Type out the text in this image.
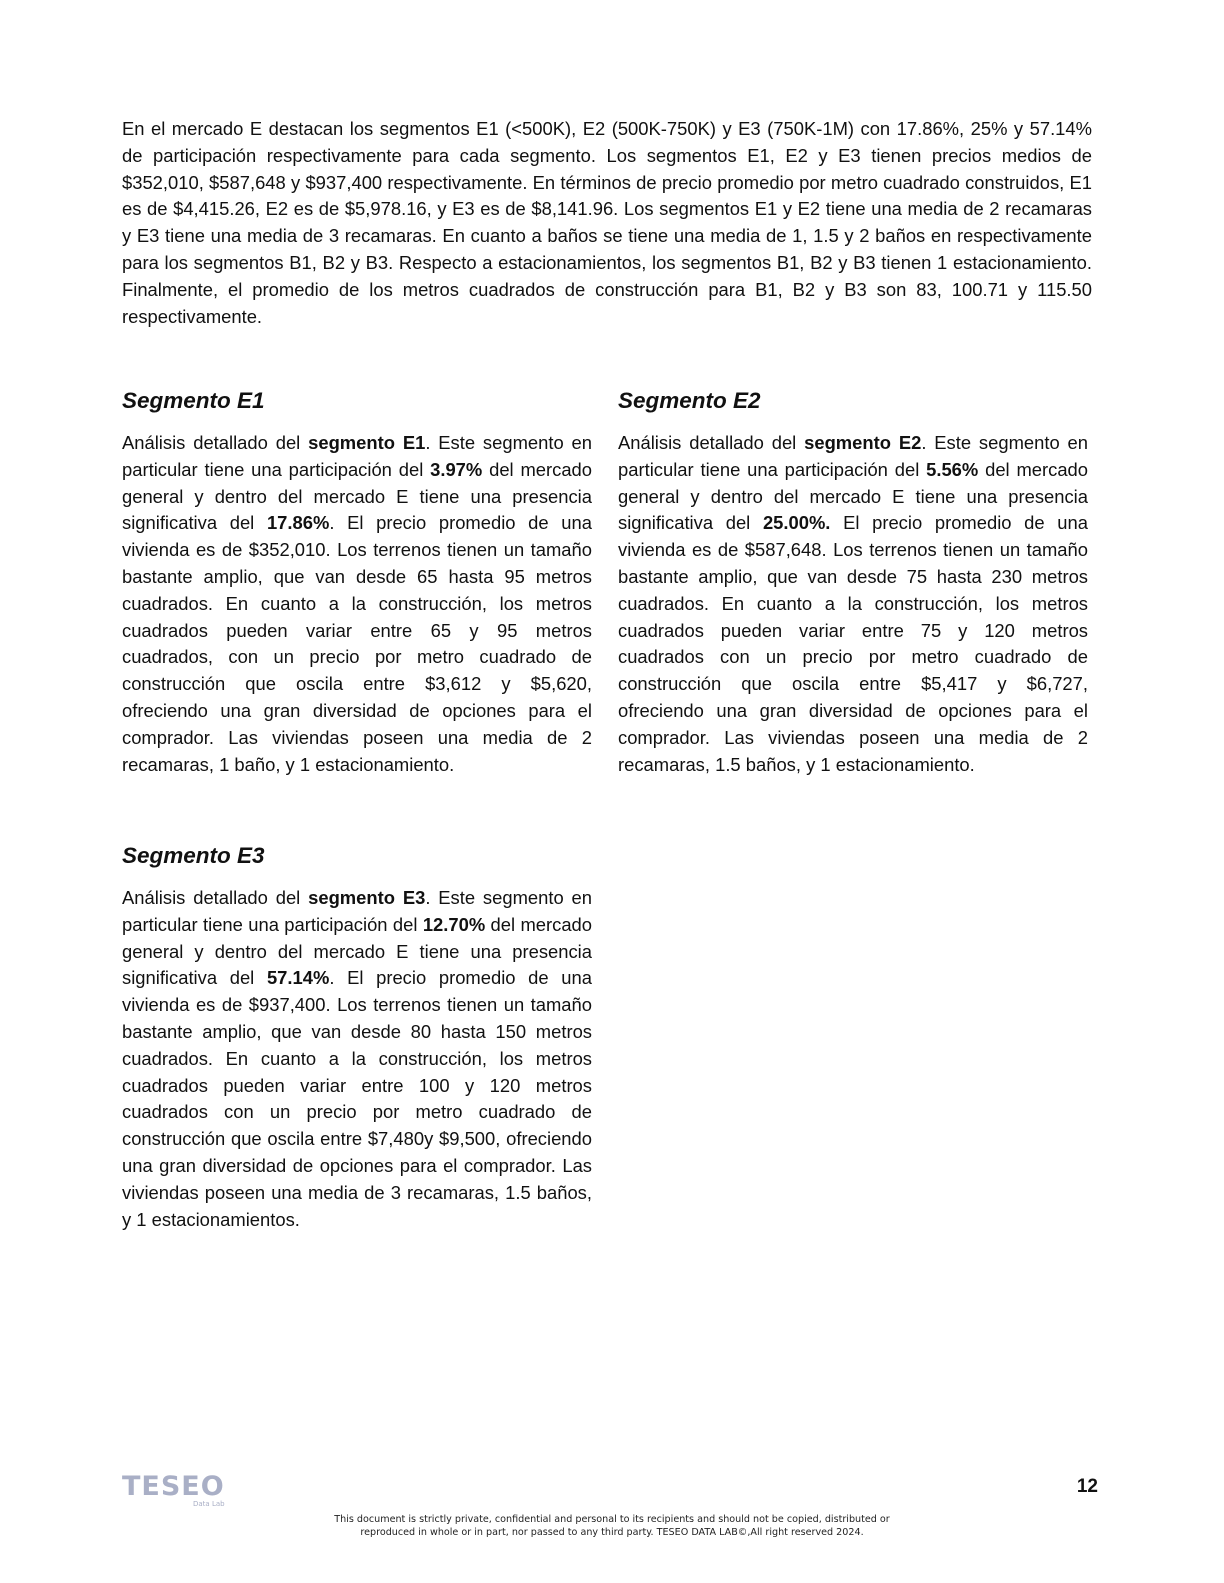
En el mercado E destacan los segmentos E1 (<500K), E2 (500K-750K) y E3 (750K-1M) con 17.86%, 25% y 57.14% de participación respectivamente para cada segmento. Los segmentos E1, E2 y E3 tienen precios medios de $352,010, $587,648 y $937,400 respectivamente. En términos de precio promedio por metro cuadrado construidos, E1 es de $4,415.26, E2 es de $5,978.16, y E3 es de $8,141.96. Los segmentos E1 y E2 tiene una media de 2 recamaras y E3 tiene una media de 3 recamaras. En cuanto a baños se tiene una media de 1, 1.5 y 2 baños en respectivamente para los segmentos B1, B2 y B3. Respecto a estacionamientos, los segmentos B1, B2 y B3 tienen 1 estacionamiento. Finalmente, el promedio de los metros cuadrados de construcción para B1, B2 y B3 son 83, 100.71 y 115.50 respectivamente.

Segmento E1

Análisis detallado del segmento E1. Este segmento en particular tiene una participación del 3.97% del mercado general y dentro del mercado E tiene una presencia significativa del 17.86%. El precio promedio de una vivienda es de $352,010. Los terrenos tienen un tamaño bastante amplio, que van desde 65 hasta 95 metros cuadrados. En cuanto a la construcción, los metros cuadrados pueden variar entre 65 y 95 metros cuadrados, con un precio por metro cuadrado de construcción que oscila entre $3,612 y $5,620, ofreciendo una gran diversidad de opciones para el comprador. Las viviendas poseen una media de 2 recamaras, 1 baño, y 1 estacionamiento.

Segmento E2

Análisis detallado del segmento E2. Este segmento en particular tiene una participación del 5.56% del mercado general y dentro del mercado E tiene una presencia significativa del 25.00%. El precio promedio de una vivienda es de $587,648. Los terrenos tienen un tamaño bastante amplio, que van desde 75 hasta 230 metros cuadrados. En cuanto a la construcción, los metros cuadrados pueden variar entre 75 y 120 metros cuadrados con un precio por metro cuadrado de construcción que oscila entre $5,417 y $6,727, ofreciendo una gran diversidad de opciones para el comprador. Las viviendas poseen una media de 2 recamaras, 1.5 baños, y 1 estacionamiento.

Segmento E3

Análisis detallado del segmento E3. Este segmento en particular tiene una participación del 12.70% del mercado general y dentro del mercado E tiene una presencia significativa del 57.14%. El precio promedio de una vivienda es de $937,400. Los terrenos tienen un tamaño bastante amplio, que van desde 80 hasta 150 metros cuadrados. En cuanto a la construcción, los metros cuadrados pueden variar entre 100 y 120 metros cuadrados con un precio por metro cuadrado de construcción que oscila entre $7,480y $9,500, ofreciendo una gran diversidad de opciones para el comprador. Las viviendas poseen una media de 3 recamaras, 1.5 baños, y 1 estacionamientos.

TESEO
Data Lab
12
This document is strictly private, confidential and personal to its recipients and should not be copied, distributed or
reproduced in whole or in part, nor passed to any third party. TESEO DATA LAB©,All right reserved 2024.
